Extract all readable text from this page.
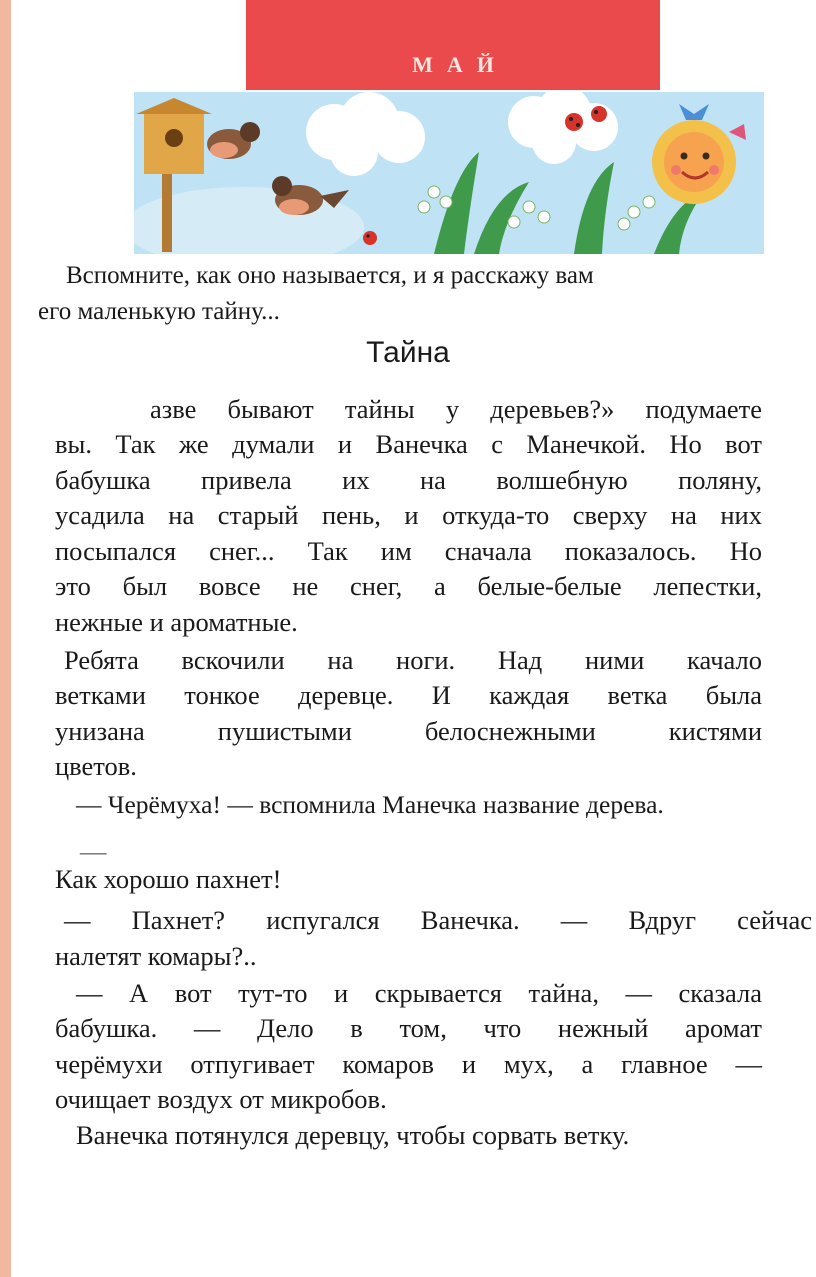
МАЙ
Вспомните, как оно называется, и я расскажу вам
его маленькую тайну...
Тайна
азве бывают тайны у деревьев?» подумаете
вы. Так же думали и Ванечка с Манечкой. Но вот
бабушка привела их на волшебную поляну,
усадила на старый пень, и откуда-то сверху на них
посыпался снег... Так им сначала показалось. Но
это был вовсе не снег, а белые-белые лепестки,
нежные и ароматные.
Ребята вскочили на ноги. Над ними качало
ветками тонкое деревце. И каждая ветка была
унизана пушистыми белоснежными кистями
цветов.
— Черёмуха! — вспомнила Манечка название дерева.
—
Как хорошо пахнет!
— Пахнет? испугался Ванечка. — Вдруг сейчас
налетят комары?..
— А вот тут-то и скрывается тайна, — сказала
бабушка. — Дело в том, что нежный аромат
черёмухи отпугивает комаров и мух, а главное —
очищает воздух от микробов.
Ванечка потянулся деревцу, чтобы сорвать ветку.
